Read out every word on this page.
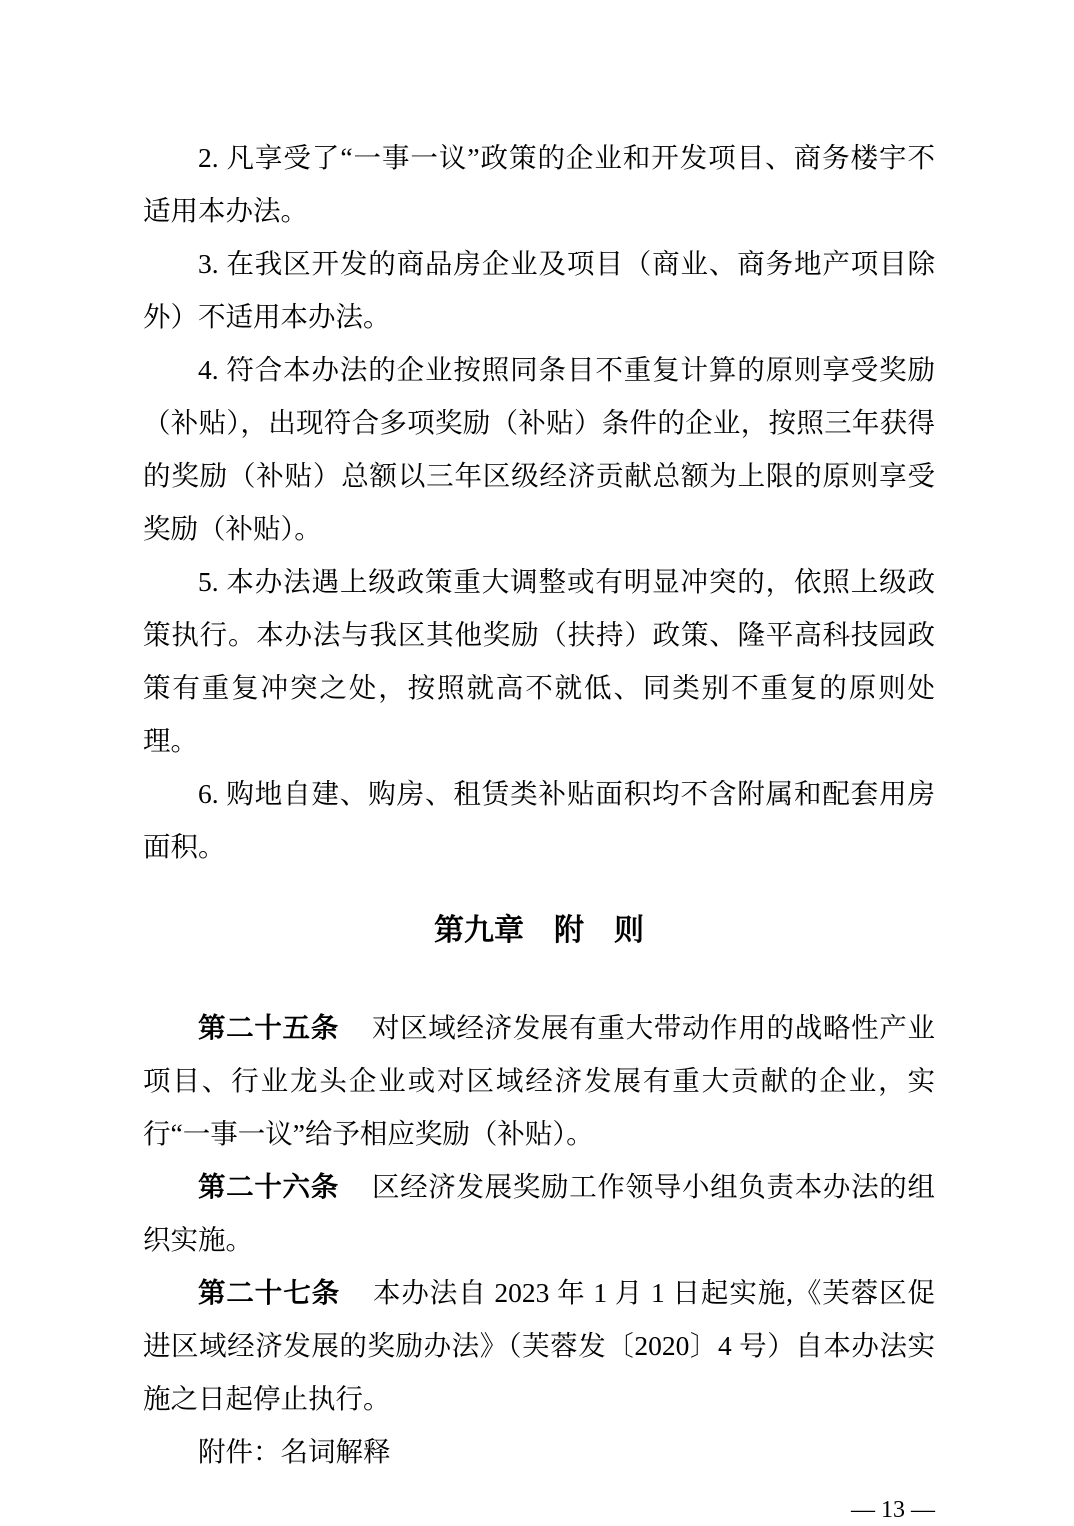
2. 凡享受了“一事一议”政策的企业和开发项目、商务楼宇不适用本办法。

3. 在我区开发的商品房企业及项目（商业、商务地产项目除外）不适用本办法。

4. 符合本办法的企业按照同条目不重复计算的原则享受奖励（补贴），出现符合多项奖励（补贴）条件的企业，按照三年获得的奖励（补贴）总额以三年区级经济贡献总额为上限的原则享受奖励（补贴）。

5. 本办法遇上级政策重大调整或有明显冲突的，依照上级政策执行。本办法与我区其他奖励（扶持）政策、隆平高科技园政策有重复冲突之处，按照就高不就低、同类别不重复的原则处理。

6. 购地自建、购房、租赁类补贴面积均不含附属和配套用房面积。

第九章　附　则

第二十五条 对区域经济发展有重大带动作用的战略性产业项目、行业龙头企业或对区域经济发展有重大贡献的企业，实行“一事一议”给予相应奖励（补贴）。

第二十六条 区经济发展奖励工作领导小组负责本办法的组织实施。

第二十七条 本办法自 2023 年 1 月 1 日起实施,《芙蓉区促进区域经济发展的奖励办法》（芙蓉发〔2020〕4 号）自本办法实施之日起停止执行。

附件：名词解释

— 13 —
